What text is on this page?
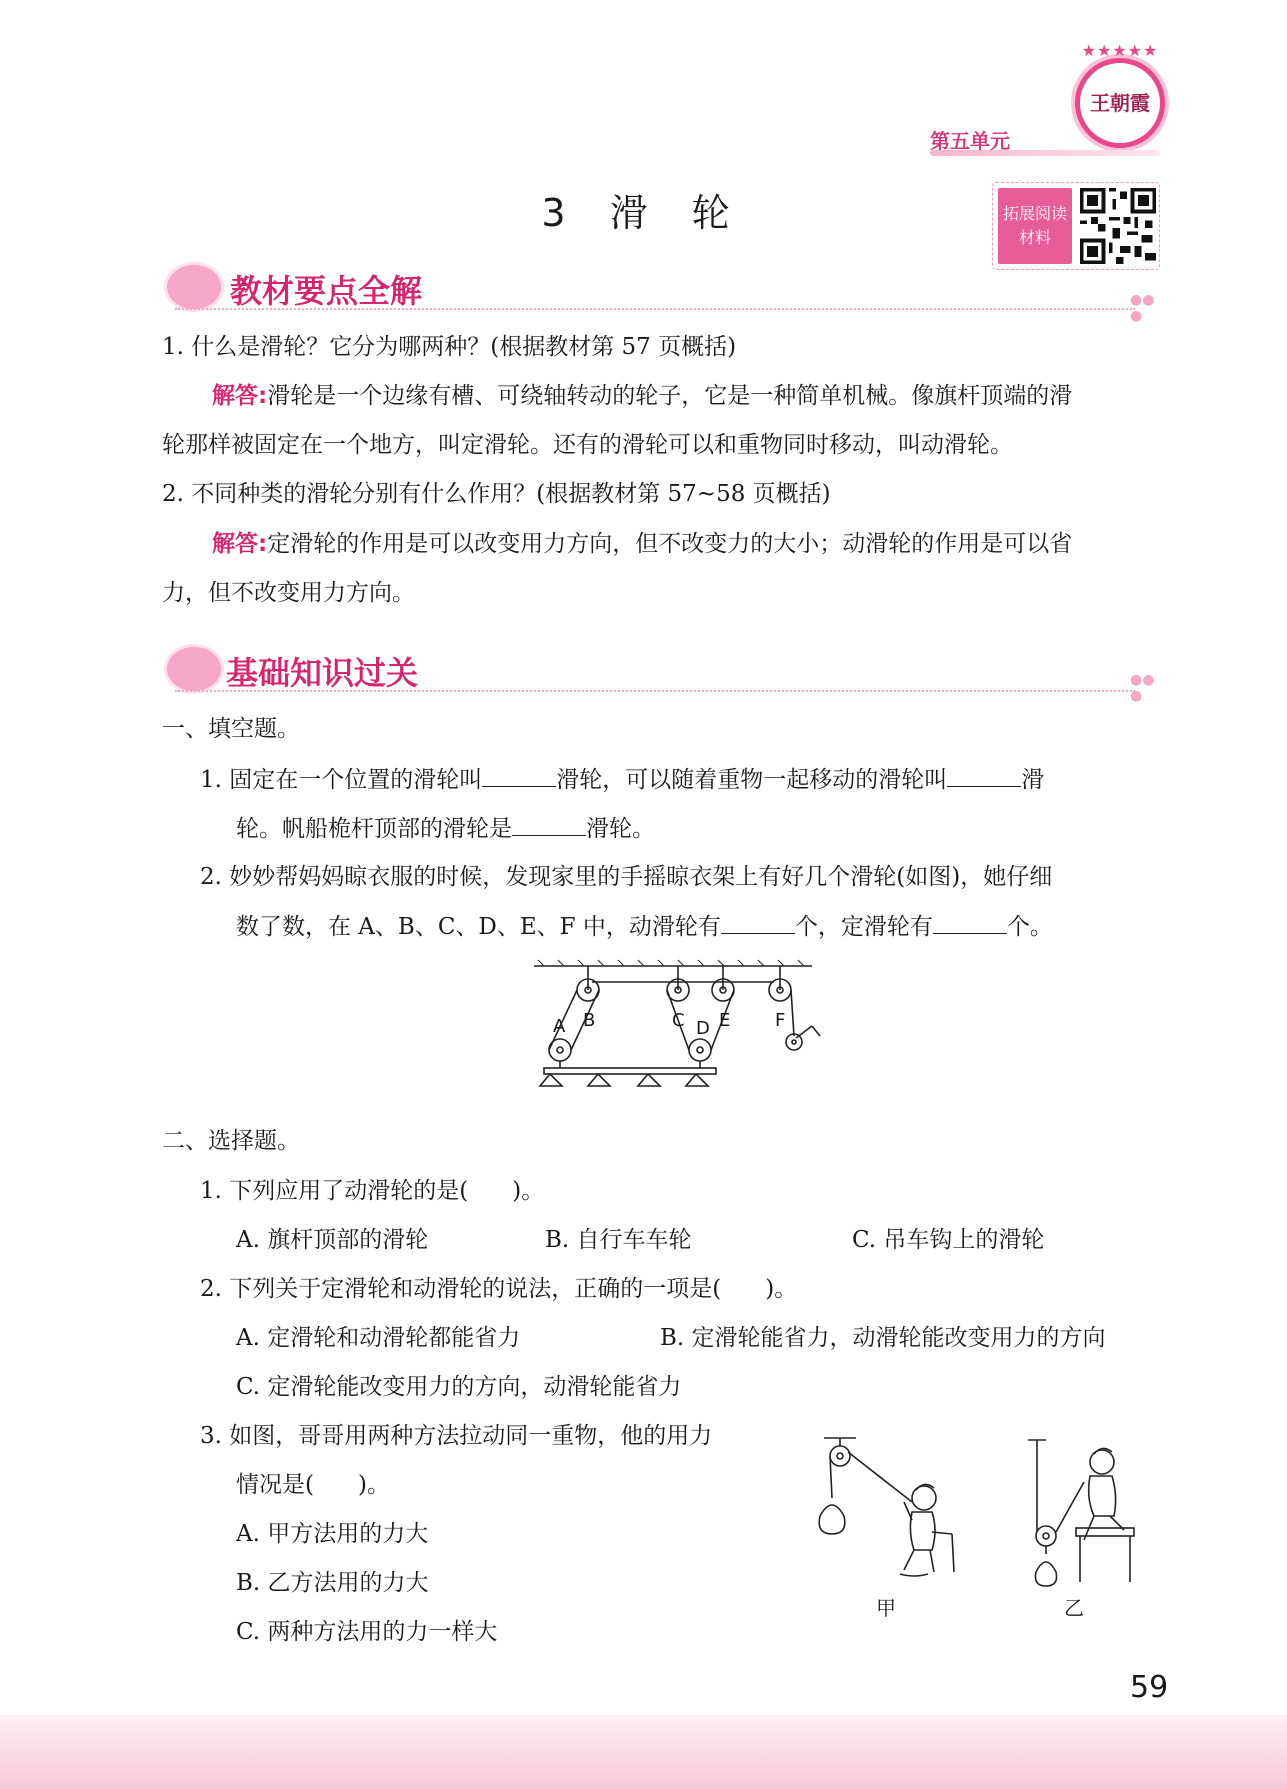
★★★★★
王朝霞
第五单元
3 滑 轮	拓展阅读
材料
教材要点全解	●●
●
1. 什么是滑轮？它分为哪两种？(根据教材第 57 页概括)
解答:滑轮是一个边缘有槽、可绕轴转动的轮子，它是一种简单机械。像旗杆顶端的滑
轮那样被固定在一个地方，叫定滑轮。还有的滑轮可以和重物同时移动，叫动滑轮。
2. 不同种类的滑轮分别有什么作用？(根据教材第 57~58 页概括)
解答:定滑轮的作用是可以改变用力方向，但不改变力的大小；动滑轮的作用是可以省
力，但不改变用力方向。
基础知识过关	●●
●
一、填空题。
1. 固定在一个位置的滑轮叫	滑轮，可以随着重物一起移动的滑轮叫	滑
轮。帆船桅杆顶部的滑轮是	滑轮。
2. 妙妙帮妈妈晾衣服的时候，发现家里的手摇晾衣架上有好几个滑轮(如图)，她仔细
数了数，在 A、B、C、D、E、F 中，动滑轮有	个，定滑轮有	个。
A B	C D E F
二、选择题。
1. 下列应用了动滑轮的是( )。
A. 旗杆顶部的滑轮	B. 自行车车轮	C. 吊车钩上的滑轮
2. 下列关于定滑轮和动滑轮的说法，正确的一项是( )。
A. 定滑轮和动滑轮都能省力	B. 定滑轮能省力，动滑轮能改变用力的方向
C. 定滑轮能改变用力的方向，动滑轮能省力
3. 如图，哥哥用两种方法拉动同一重物，他的用力
情况是( )。
A. 甲方法用的力大
B. 乙方法用的力大
C. 两种方法用的力一样大
甲	乙
59
